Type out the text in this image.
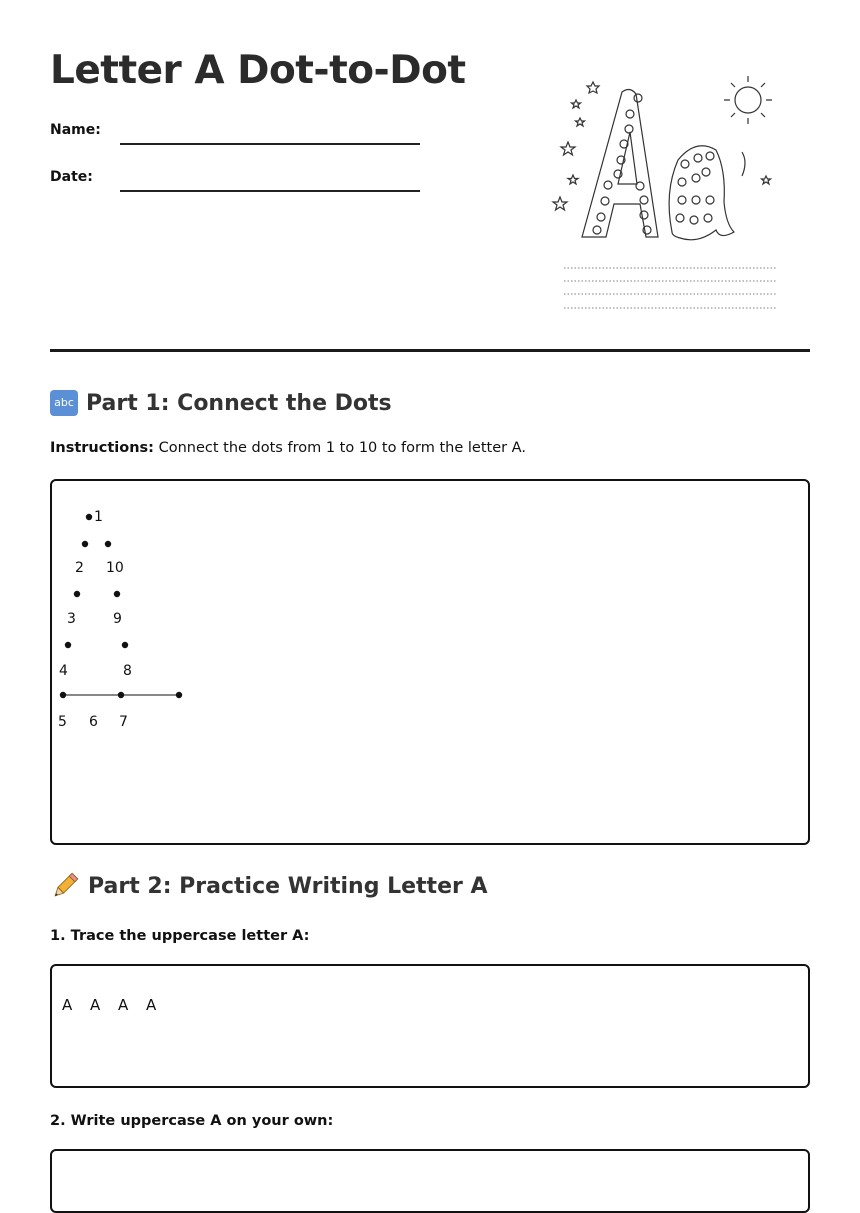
Letter A Dot-to-Dot
Name:
Date:
abc Part 1: Connect the Dots
Instructions: Connect the dots from 1 to 10 to form the letter A.
1
2
3
4
5 6 7
8
9
10
Part 2: Practice Writing Letter A
1. Trace the uppercase letter A:
A A A A
2. Write uppercase A on your own:
